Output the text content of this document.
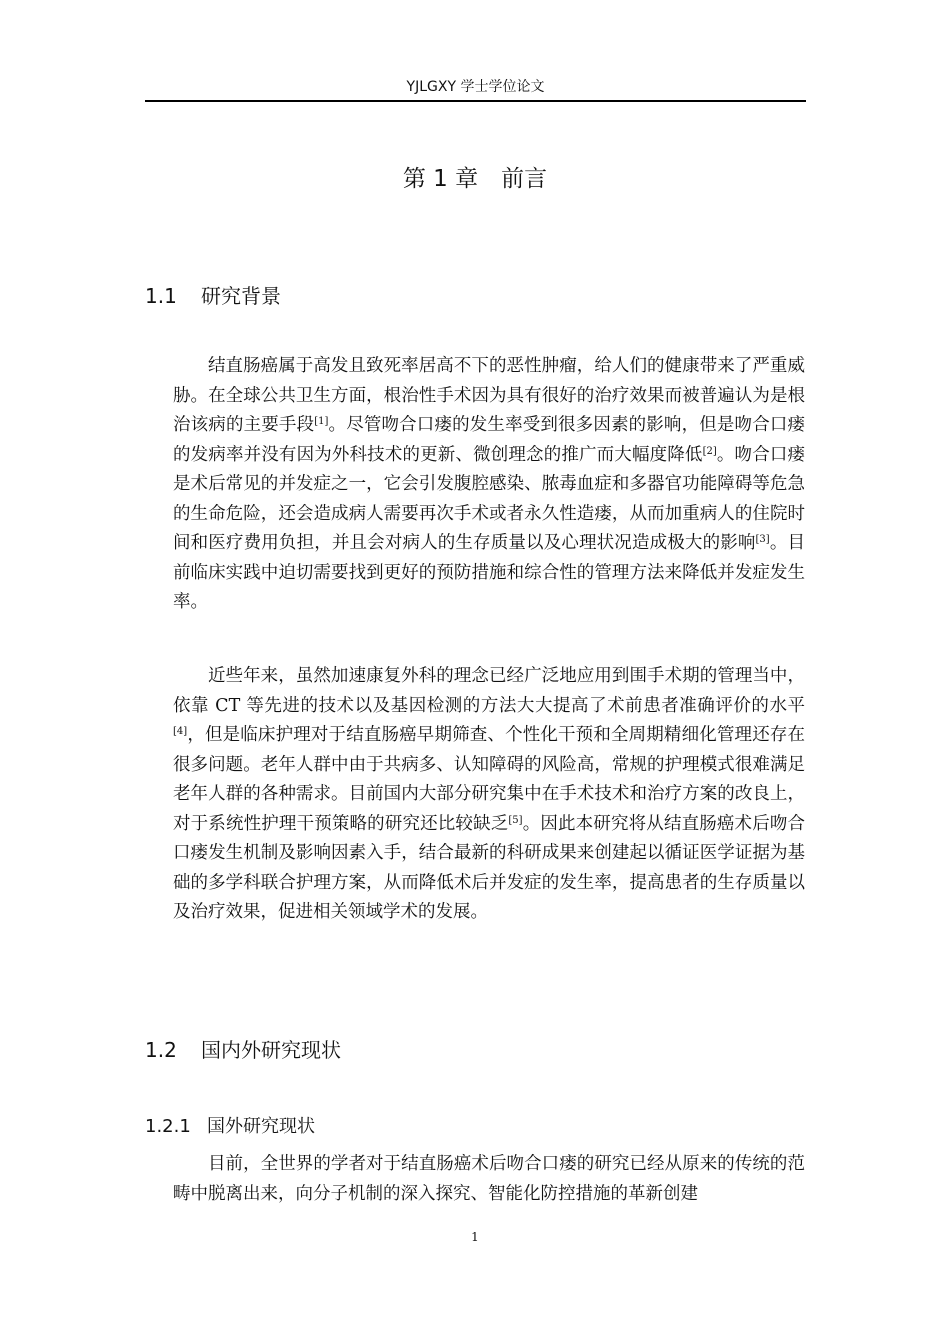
YJLGXY 学士学位论文
第 1 章　前言
1.1 研究背景

结直肠癌属于高发且致死率居高不下的恶性肿瘤，给人们的健康带来了严重威胁。在全球公共卫生方面，根治性手术因为具有很好的治疗效果而被普遍认为是根治该病的主要手段[1]。尽管吻合口瘘的发生率受到很多因素的影响，但是吻合口瘘的发病率并没有因为外科技术的更新、微创理念的推广而大幅度降低[2]。吻合口瘘是术后常见的并发症之一，它会引发腹腔感染、脓毒血症和多器官功能障碍等危急的生命危险，还会造成病人需要再次手术或者永久性造瘘，从而加重病人的住院时间和医疗费用负担，并且会对病人的生存质量以及心理状况造成极大的影响[3]。目前临床实践中迫切需要找到更好的预防措施和综合性的管理方法来降低并发症发生率。

近些年来，虽然加速康复外科的理念已经广泛地应用到围手术期的管理当中，依靠 CT 等先进的技术以及基因检测的方法大大提高了术前患者准确评价的水平[4]，但是临床护理对于结直肠癌早期筛查、个性化干预和全周期精细化管理还存在很多问题。老年人群中由于共病多、认知障碍的风险高，常规的护理模式很难满足老年人群的各种需求。目前国内大部分研究集中在手术技术和治疗方案的改良上，对于系统性护理干预策略的研究还比较缺乏[5]。因此本研究将从结直肠癌术后吻合口瘘发生机制及影响因素入手，结合最新的科研成果来创建起以循证医学证据为基础的多学科联合护理方案，从而降低术后并发症的发生率，提高患者的生存质量以及治疗效果，促进相关领域学术的发展。

1.2 国内外研究现状
1.2.1 国外研究现状

目前，全世界的学者对于结直肠癌术后吻合口瘘的研究已经从原来的传统的范畴中脱离出来，向分子机制的深入探究、智能化防控措施的革新创建

1
